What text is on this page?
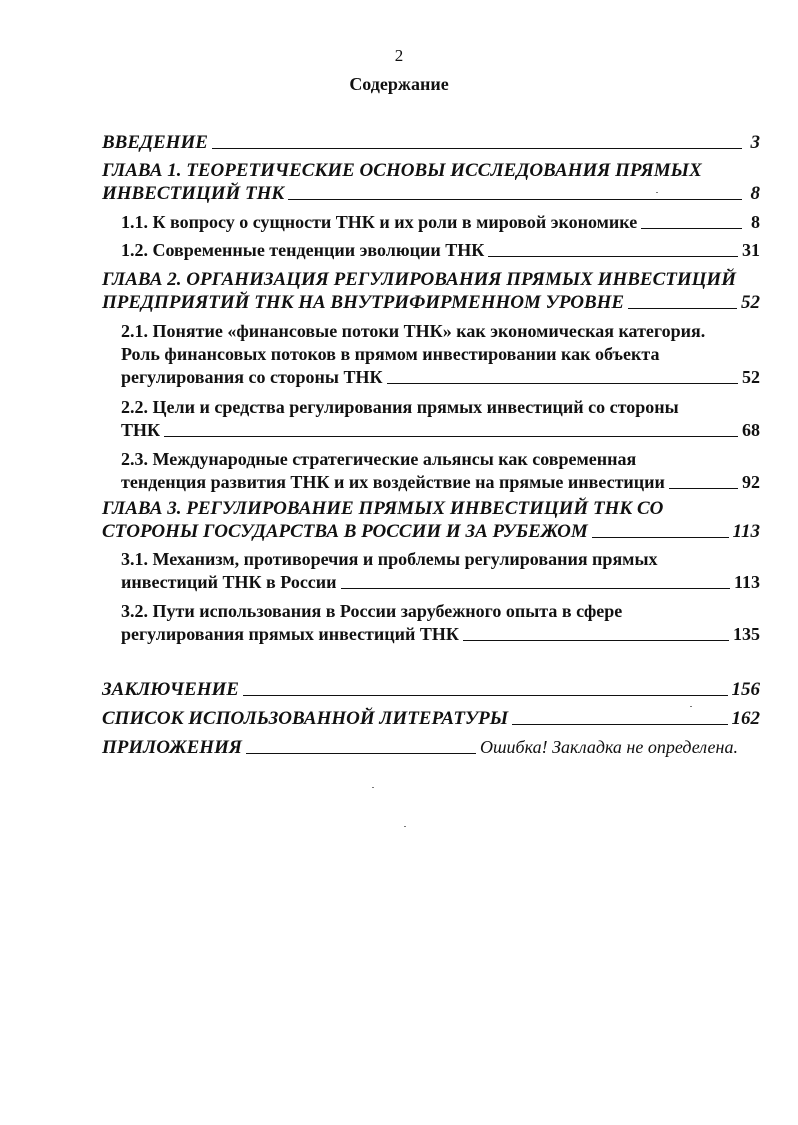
2
Содержание
ВВЕДЕНИЕ	3
ГЛАВА 1. ТЕОРЕТИЧЕСКИЕ ОСНОВЫ ИССЛЕДОВАНИЯ ПРЯМЫХ
ИНВЕСТИЦИЙ ТНК	8
1.1. К вопросу о сущности ТНК и их роли в мировой экономике	8
1.2. Современные тенденции эволюции ТНК	31
ГЛАВА 2. ОРГАНИЗАЦИЯ РЕГУЛИРОВАНИЯ ПРЯМЫХ ИНВЕСТИЦИЙ
ПРЕДПРИЯТИЙ ТНК НА ВНУТРИФИРМЕННОМ УРОВНЕ	52
2.1. Понятие «финансовые потоки ТНК» как экономическая категория.
Роль финансовых потоков в прямом инвестировании как объекта
регулирования со стороны ТНК	52
2.2. Цели и средства регулирования прямых инвестиций со стороны
ТНК	68
2.3. Международные стратегические альянсы как современная
тенденция развития ТНК и их воздействие на прямые инвестиции	92
ГЛАВА 3. РЕГУЛИРОВАНИЕ ПРЯМЫХ ИНВЕСТИЦИЙ ТНК СО
СТОРОНЫ ГОСУДАРСТВА В РОССИИ И ЗА РУБЕЖОМ	113
3.1. Механизм, противоречия и проблемы регулирования прямых
инвестиций ТНК в России	113
3.2. Пути использования в России зарубежного опыта в сфере
регулирования прямых инвестиций ТНК	135
ЗАКЛЮЧЕНИЕ	156
СПИСОК ИСПОЛЬЗОВАННОЙ ЛИТЕРАТУРЫ	162
ПРИЛОЖЕНИЯ	Ошибка! Закладка не определена.
